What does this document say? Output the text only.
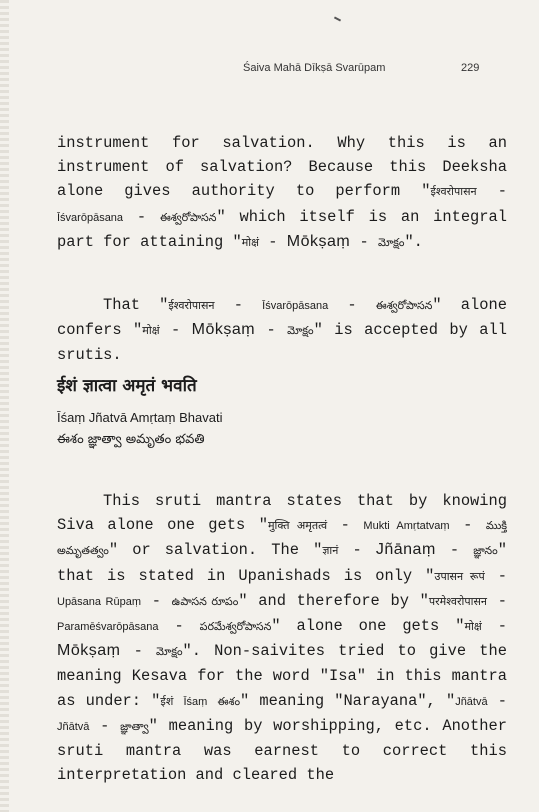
Śaiva Mahā Dīkṣā Svarūpam	229

instrument for salvation. Why this is an instrument of salvation? Because this Deeksha alone gives authority to perform "ईश्वरोपासन - Īśvarōpāsana - ఈశ్వరోపాసన" which itself is an integral part for attaining "मोक्षं - Mōkṣaṃ - మోక్షం".

That "ईश्वरोपासन - Īśvarōpāsana - ఈశ్వరోపాసన" alone confers "मोक्षं - Mōkṣaṃ - మోక్షం" is accepted by all srutis.

ईशं ज्ञात्वा अमृतं भवति
Īśaṃ Jñatvā Amṛtaṃ Bhavati
ఈశం జ్ఞాత్వా అమృతం భవతి

This sruti mantra states that by knowing Siva alone one gets "मुक्ति अमृतत्वं - Mukti Amṛtatvaṃ - ముక్తి అమృతత్వం" or salvation. The "ज्ञानं - Jñānaṃ - జ్ఞానం" that is stated in Upanishads is only "उपासन रूपं - Upāsana Rūpaṃ - ఉపాసన రూపం" and therefore by "परमेश्वरोपासन - Paramēśvarōpāsana - పరమేశ్వరోపాసన" alone one gets "मोक्षं - Mōkṣaṃ - మోక్షం". Non-saivites tried to give the meaning Kesava for the word "Isa" in this mantra as under: "ईशं Īśaṃ ఈశం" meaning "Narayana", "Jñātvā - Jñātvā - జ్ఞాత్వా" meaning by worshipping, etc. Another sruti mantra was earnest to correct this interpretation and cleared the
